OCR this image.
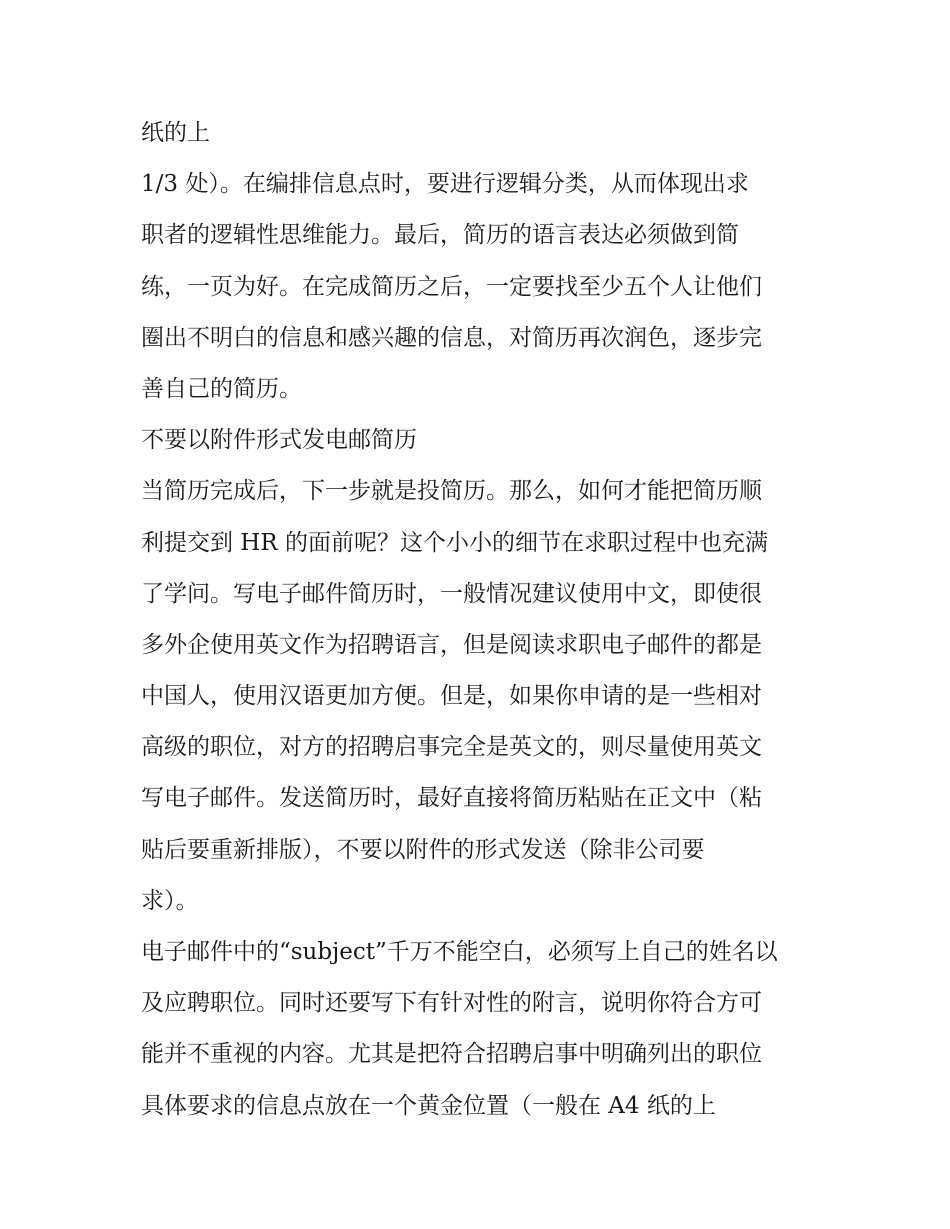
纸的上
1/3 处）。在编排信息点时，要进行逻辑分类，从而体现出求
职者的逻辑性思维能力。最后，简历的语言表达必须做到简
练，一页为好。在完成简历之后，一定要找至少五个人让他们
圈出不明白的信息和感兴趣的信息，对简历再次润色，逐步完
善自己的简历。
不要以附件形式发电邮简历
当简历完成后，下一步就是投简历。那么，如何才能把简历顺
利提交到 HR 的面前呢？这个小小的细节在求职过程中也充满
了学问。写电子邮件简历时，一般情况建议使用中文，即使很
多外企使用英文作为招聘语言，但是阅读求职电子邮件的都是
中国人，使用汉语更加方便。但是，如果你申请的是一些相对
高级的职位，对方的招聘启事完全是英文的，则尽量使用英文
写电子邮件。发送简历时，最好直接将简历粘贴在正文中（粘
贴后要重新排版），不要以附件的形式发送（除非公司要
求）。
电子邮件中的“subject”千万不能空白，必须写上自己的姓名以
及应聘职位。同时还要写下有针对性的附言，说明你符合方可
能并不重视的内容。尤其是把符合招聘启事中明确列出的职位
具体要求的信息点放在一个黄金位置（一般在 A4 纸的上
